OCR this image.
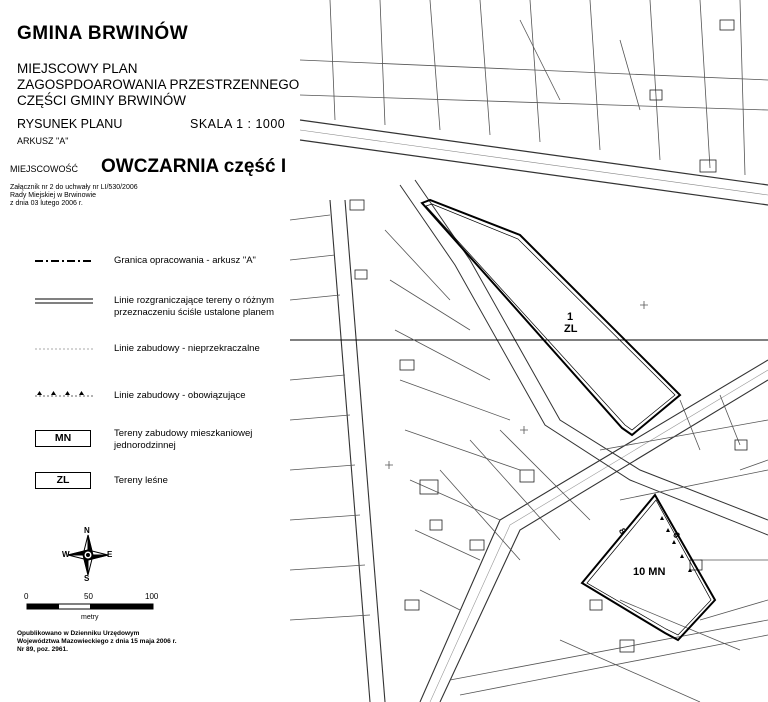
GMINA BRWINÓW
MIEJSCOWY PLAN
ZAGOSPDOAROWANIA PRZESTRZENNEGO
CZĘŚCI GMINY BRWINÓW
RYSUNEK PLANU	SKALA 1 : 1000
ARKUSZ "A"
MIEJSCOWOŚĆ OWCZARNIA część I
Załącznik nr 2 do uchwały nr LI/530/2006
Rady Miejskiej w Brwinowie
z dnia 03 lutego 2006 r.
Granica opracowania - arkusz "A"
Linie rozgraniczające tereny o różnym
przeznaczeniu ściśle ustalone planem
Linie zabudowy - nieprzekraczalne
Linie zabudowy - obowiązujące
MN	Tereny zabudowy mieszkaniowej
jednorodzinnej
ZL	Tereny leśne
N
S
E
W
0	50	100
metry
Opublikowano w Dzienniku Urzędowym
Województwa Mazowieckiego z dnia 15 maja 2006 r.
Nr 89, poz. 2961.
1
ZL
10 MN
8	6
